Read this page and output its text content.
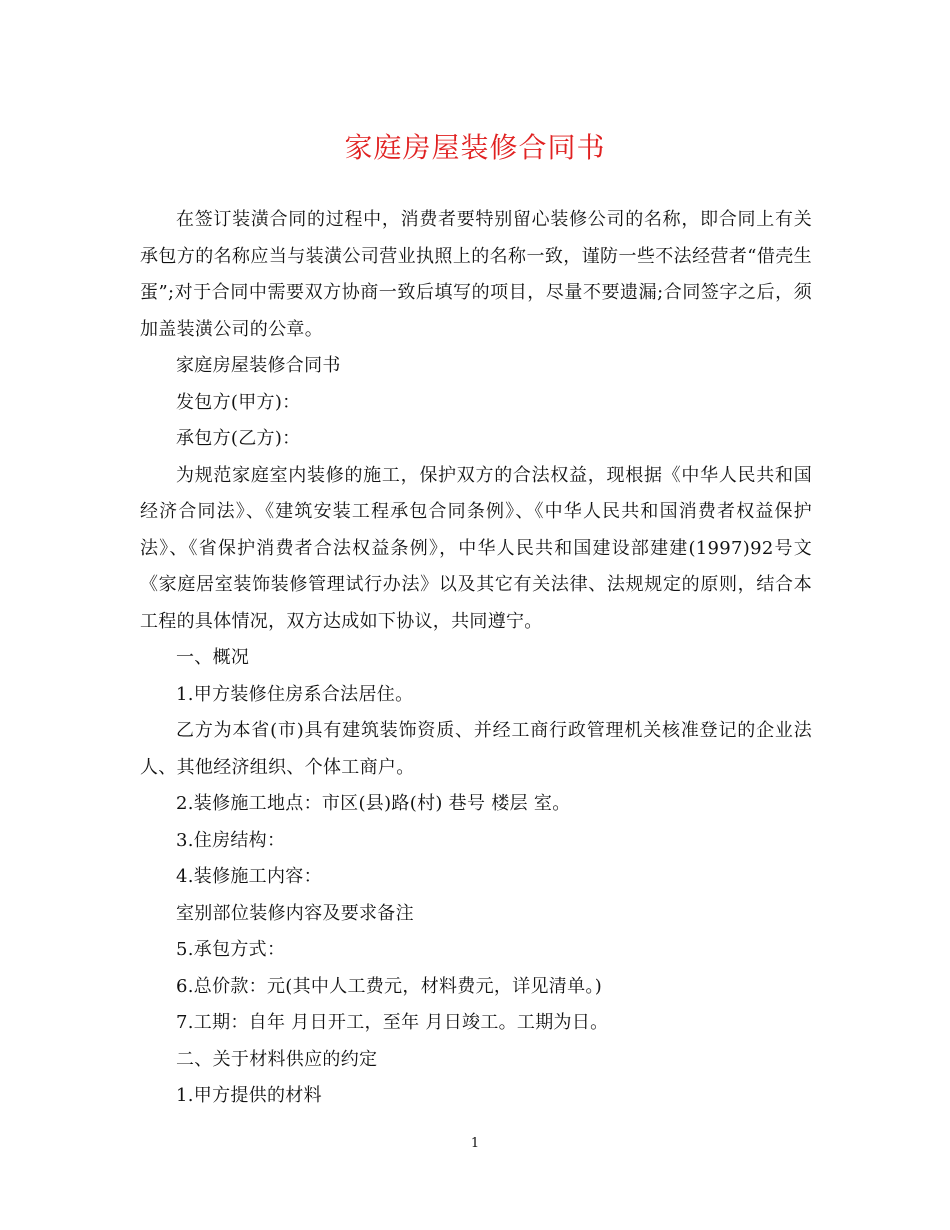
家庭房屋装修合同书

在签订装潢合同的过程中，消费者要特别留心装修公司的名称，即合同上有关承包方的名称应当与装潢公司营业执照上的名称一致，谨防一些不法经营者“借壳生蛋”;对于合同中需要双方协商一致后填写的项目，尽量不要遗漏;合同签字之后，须加盖装潢公司的公章。

家庭房屋装修合同书

发包方(甲方)：

承包方(乙方)：

为规范家庭室内装修的施工，保护双方的合法权益，现根据《中华人民共和国经济合同法》、《建筑安装工程承包合同条例》、《中华人民共和国消费者权益保护法》、《省保护消费者合法权益条例》，中华人民共和国建设部建建(1997)92号文《家庭居室装饰装修管理试行办法》以及其它有关法律、法规规定的原则，结合本工程的具体情况，双方达成如下协议，共同遵宁。

一、概况

1.甲方装修住房系合法居住。

乙方为本省(市)具有建筑装饰资质、并经工商行政管理机关核准登记的企业法人、其他经济组织、个体工商户。

2.装修施工地点：市区(县)路(村) 巷号 楼层 室。

3.住房结构：

4.装修施工内容：

室别部位装修内容及要求备注

5.承包方式：

6.总价款：元(其中人工费元，材料费元，详见清单。)

7.工期：自年 月日开工，至年 月日竣工。工期为日。

二、关于材料供应的约定

1.甲方提供的材料

1
